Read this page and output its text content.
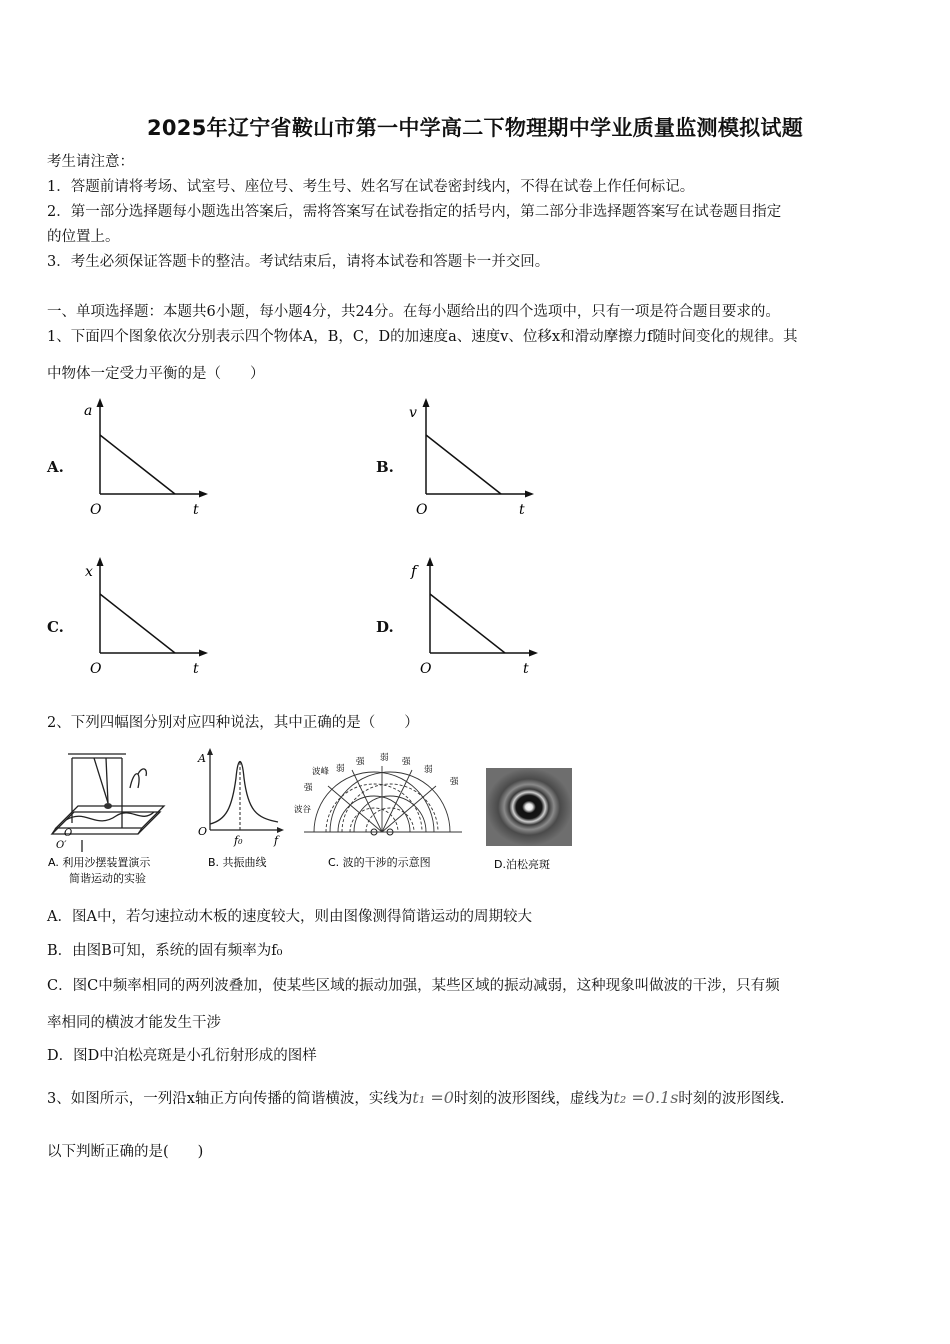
2025年辽宁省鞍山市第一中学高二下物理期中学业质量监测模拟试题
考生请注意：
1．答题前请将考场、试室号、座位号、考生号、姓名写在试卷密封线内，不得在试卷上作任何标记。
2．第一部分选择题每小题选出答案后，需将答案写在试卷指定的括号内，第二部分非选择题答案写在试卷题目指定
的位置上。
3．考生必须保证答题卡的整洁。考试结束后，请将本试卷和答题卡一并交回。
一、单项选择题：本题共6小题，每小题4分，共24分。在每小题给出的四个选项中，只有一项是符合题目要求的。
1、下面四个图象依次分别表示四个物体A，B，C，D的加速度a、速度v、位移x和滑动摩擦力f随时间变化的规律。其
中物体一定受力平衡的是（　　）
A.
a
O	t
B.
v
O	t
C.
x
O	t
D.
f
O	t
2、下列四幅图分别对应四种说法，其中正确的是（　　）
O
O′
A. 利用沙摆装置演示
简谐运动的实验
A
O
f₀	f
B. 共振曲线
波峰 弱
强 弱 强
弱
强
波谷
强
C. 波的干涉的示意图	D.泊松亮斑
A．图A中，若匀速拉动木板的速度较大，则由图像测得简谐运动的周期较大
B．由图B可知，系统的固有频率为f₀
C．图C中频率相同的两列波叠加，使某些区域的振动加强，某些区域的振动减弱，这种现象叫做波的干涉，只有频
率相同的横波才能发生干涉
D．图D中泊松亮斑是小孔衍射形成的图样
3、如图所示，一列沿x轴正方向传播的简谐横波，实线为t₁ =0时刻的波形图线，虚线为t₂ =0.1s时刻的波形图线.
以下判断正确的是(　　)
